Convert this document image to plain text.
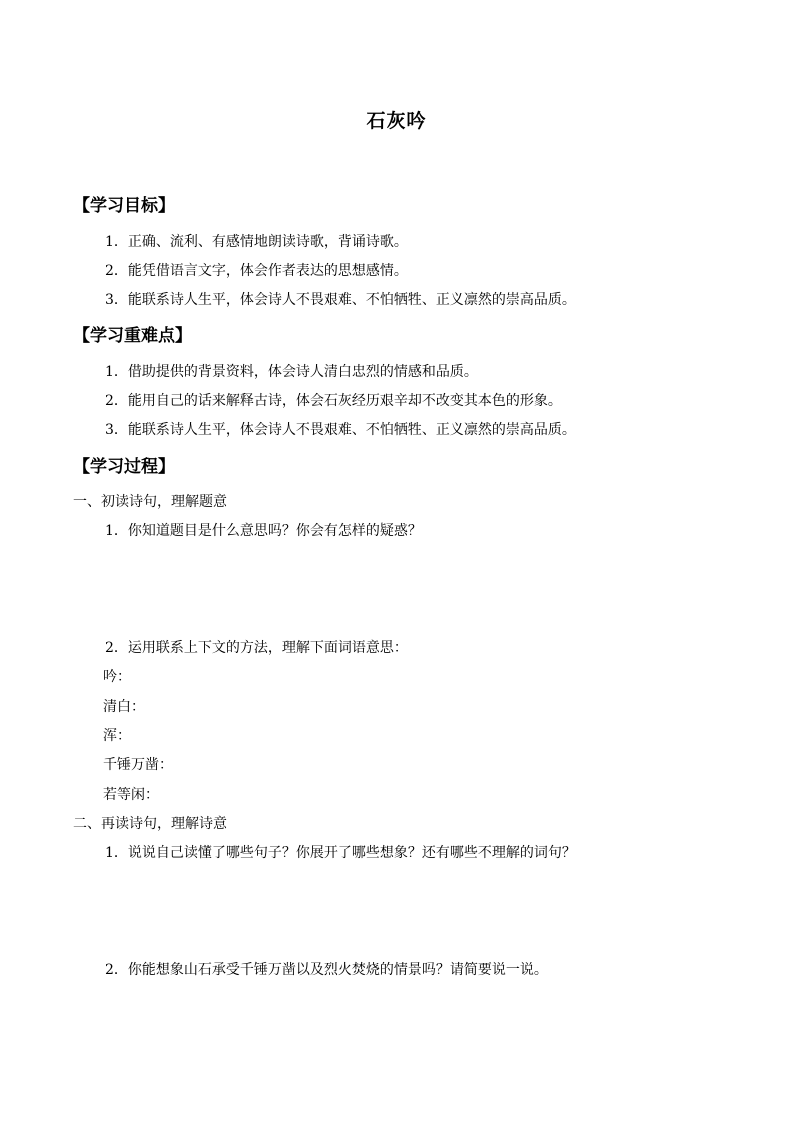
石灰吟
【学习目标】
1．正确、流利、有感情地朗读诗歌，背诵诗歌。
2．能凭借语言文字，体会作者表达的思想感情。
3．能联系诗人生平，体会诗人不畏艰难、不怕牺牲、正义凛然的崇高品质。
【学习重难点】
1．借助提供的背景资料，体会诗人清白忠烈的情感和品质。
2．能用自己的话来解释古诗，体会石灰经历艰辛却不改变其本色的形象。
3．能联系诗人生平，体会诗人不畏艰难、不怕牺牲、正义凛然的崇高品质。
【学习过程】
一、初读诗句，理解题意
1．你知道题目是什么意思吗？你会有怎样的疑惑？
2．运用联系上下文的方法，理解下面词语意思：
吟：
清白：
浑：
千锤万凿：
若等闲：
二、再读诗句，理解诗意
1．说说自己读懂了哪些句子？你展开了哪些想象？还有哪些不理解的词句？
2．你能想象山石承受千锤万凿以及烈火焚烧的情景吗？请简要说一说。
